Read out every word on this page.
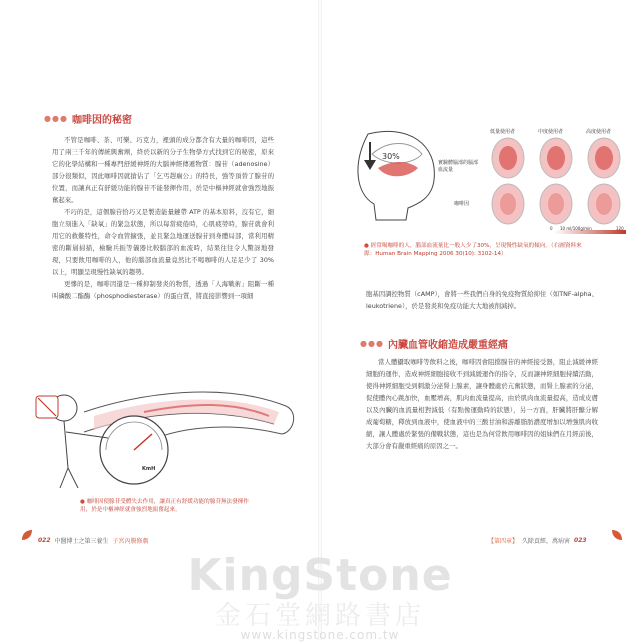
●●● 咖啡因的秘密

不管是咖啡、茶、可樂、巧克力，裡頭的成分都含有大量的咖啡因，這些用了兩三千年的傳統興奮劑，終於以新的分子生物學方式找到它的秘密，原來它的化學結構和一種專門舒緩神經的大腦神經傳遞物質：腺苷（adenosine）部分很類似，因此咖啡因就搶佔了「乞丐趕廟公」的特長，強等頂替了腺苷的位置，而讓真正有舒緩功能的腺苷不能發揮作用，於是中樞神經就會強烈地振奮起來。

不巧的是，這個腺苷恰巧又是製造能量鏈帶 ATP 的基本原料，沒有它，細胞立刻進入「缺氧」的緊急狀態，所以每當疲倦時，心肌疲勞時，腺苷就會利用它的救難特性，命令血管擴張，並且緊急地運送腺苷到身體局部，當利用精密的斷層掃描，檢驗兵振等儀器比較腦部的血流時，結果往往令人驚訝地發現，只要飲用咖啡的人，他的腦部血流量竟然比不喝咖啡的人足足少了 30% 以上，明顯呈現慢性缺氧的趨勢。

更慘的是，咖啡因還是一種抑制發炎的物質，透過「人海戰術」阻斷一種叫磷酸二酯酶（phosphodiesterase）的蛋白質，將直接影響到一項細

KmH
● 咖啡因使腺苷受體失去作用，讓真正有舒緩功能的腺苷無法發揮作用，於是中樞神經就會強烈地振奮起來。
022 中醫博士之第三養生 子宮內膜修劇
30%
實驗體腦部的腦部血流量
咖啡因
低量使用者	中度使用者	高度使用者
0 10 ml/100g/min	120
● 經常喝咖啡的人，腦部血流量比一般人少了30%，呈現慢性缺氧的傾向。（右圖資料來源：Human Brain Mapping 2006 30(10): 3102-14）

胞基因調控物質（cAMP），會將一些我們自身的免疫物質給抑住（如TNF-alpha、leukotriene），於是發炎和免疫功能大大地被削減掉。

●●● 內臟血管收縮造成嚴重經痛

當人體攝取咖啡等飲料之後，咖啡因會阻擋腺苷的神經接受器，阻止減緩神經細胞的運作，造成神經細胞接收不到減緩運作的指令，反而讓神經細胞持續活動，使得神經細胞受到刺激分泌腎上腺素，讓身體處於亢奮狀態，而腎上腺素的分泌，促使體內心跳加快，血壓增高，肌肉血流量提高，由於肌肉血流量提高，造成皮膚以及內臟的血流量相對減低（有點像運動時的狀態），另一方面，肝臟將肝醣分解成葡萄糖，釋放到血液中，使血液中的三酸甘油和游離脂肪濃度增加以增強肌肉收縮，讓人體處於緊張的備戰狀態，這也是為何常飲用咖啡因的姐妹們在月經前後，大部分會有嚴重經痛的原因之一。

【第四章】 久除貢經，萬病害 023
KingStone
金石堂網路書店
www.kingstone.com.tw
